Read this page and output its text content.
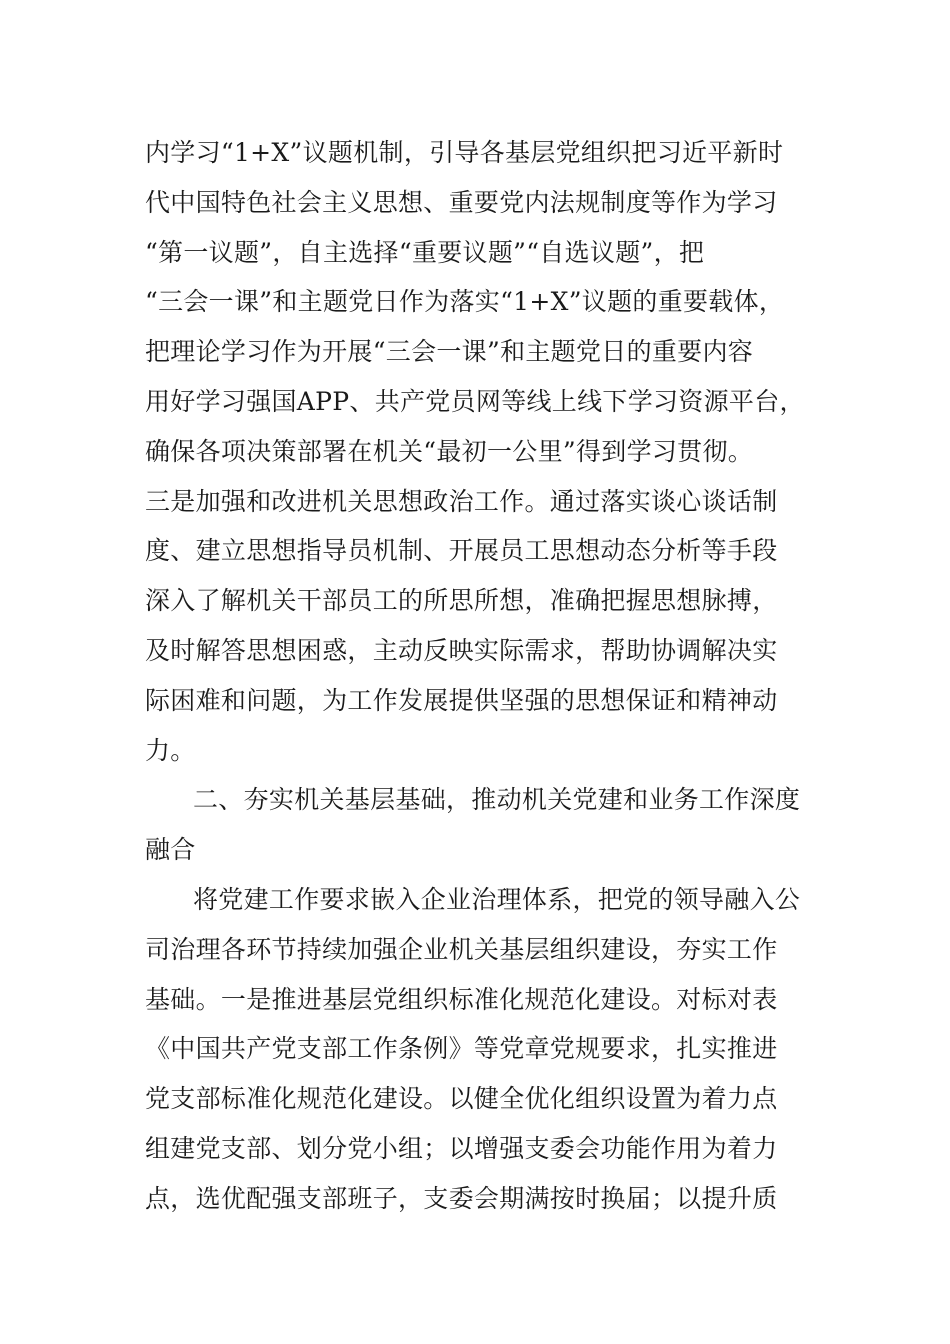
内学习“1+X”议题机制，引导各基层党组织把习近平新时
代中国特色社会主义思想、重要党内法规制度等作为学习
“第一议题”，自主选择“重要议题”“自选议题”，把
“三会一课”和主题党日作为落实“1+X”议题的重要载体，
把理论学习作为开展“三会一课”和主题党日的重要内容
用好学习强国APP、共产党员网等线上线下学习资源平台，
确保各项决策部署在机关“最初一公里”得到学习贯彻。
三是加强和改进机关思想政治工作。通过落实谈心谈话制
度、建立思想指导员机制、开展员工思想动态分析等手段
深入了解机关干部员工的所思所想，准确把握思想脉搏，
及时解答思想困惑，主动反映实际需求，帮助协调解决实
际困难和问题，为工作发展提供坚强的思想保证和精神动
力。
二、夯实机关基层基础，推动机关党建和业务工作深度
融合
将党建工作要求嵌入企业治理体系，把党的领导融入公
司治理各环节持续加强企业机关基层组织建设，夯实工作
基础。一是推进基层党组织标准化规范化建设。对标对表
《中国共产党支部工作条例》等党章党规要求，扎实推进
党支部标准化规范化建设。以健全优化组织设置为着力点
组建党支部、划分党小组；以增强支委会功能作用为着力
点，选优配强支部班子，支委会期满按时换届；以提升质
